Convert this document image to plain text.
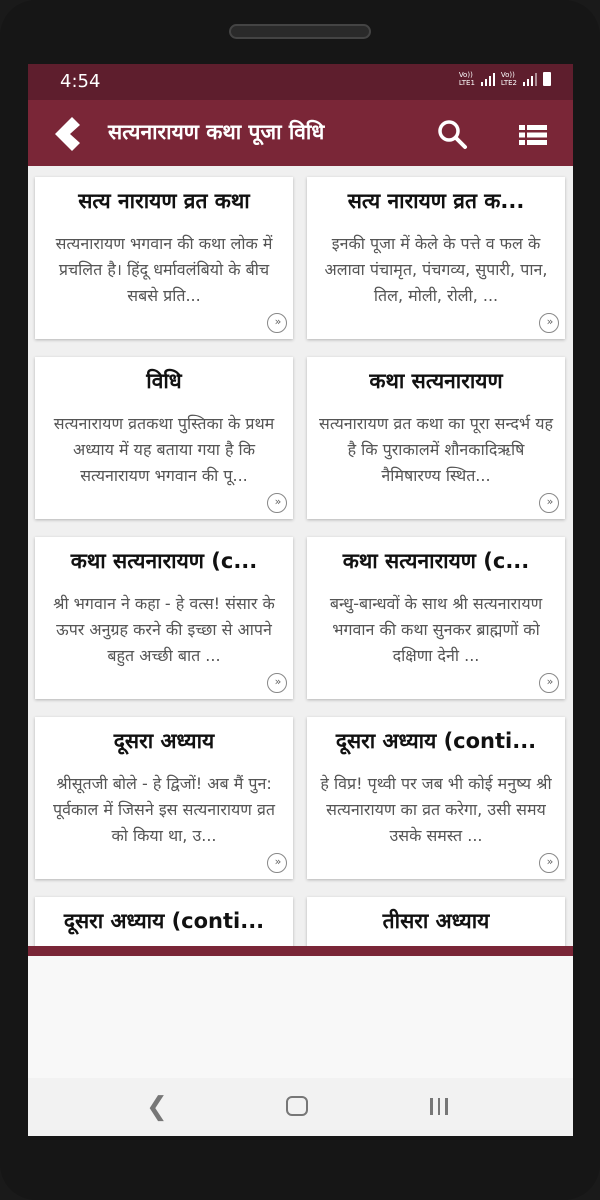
4:54	Vo))
LTE1
Vo))
LTE2
सत्यनारायण कथा पूजा विधि
सत्य नारायण व्रत कथा
सत्यनारायण भगवान की कथा लोक में प्रचलित है। हिंदू धर्मावलंबियो के बीच सबसे प्रति...
»
सत्य नारायण व्रत क...
इनकी पूजा में केले के पत्ते व फल के अलावा पंचामृत, पंचगव्य, सुपारी, पान, तिल, मोली, रोली, ...
»
विधि
सत्यनारायण व्रतकथा पुस्तिका के प्रथम अध्याय में यह बताया गया है कि सत्यनारायण भगवान की पू...
»
कथा सत्यनारायण
सत्यनारायण व्रत कथा का पूरा सन्दर्भ यह है कि पुराकालमें शौनकादिऋषि नैमिषारण्य स्थित...
»
कथा सत्यनारायण (c...
श्री भगवान ने कहा - हे वत्स! संसार के ऊपर अनुग्रह करने की इच्छा से आपने बहुत अच्छी बात ...
»
कथा सत्यनारायण (c...
बन्धु-बान्धवों के साथ श्री सत्यनारायण भगवान की कथा सुनकर ब्राह्मणों को दक्षिणा देनी ...
»
दूसरा अध्याय
श्रीसूतजी बोले - हे द्विजों! अब मैं पुन: पूर्वकाल में जिसने इस सत्यनारायण व्रत को किया था, उ...
»
दूसरा अध्याय (conti...
हे विप्र! पृथ्वी पर जब भी कोई मनुष्य श्री सत्यनारायण का व्रत करेगा, उसी समय उसके समस्त ...
»
दूसरा अध्याय (conti...	तीसरा अध्याय
❮
